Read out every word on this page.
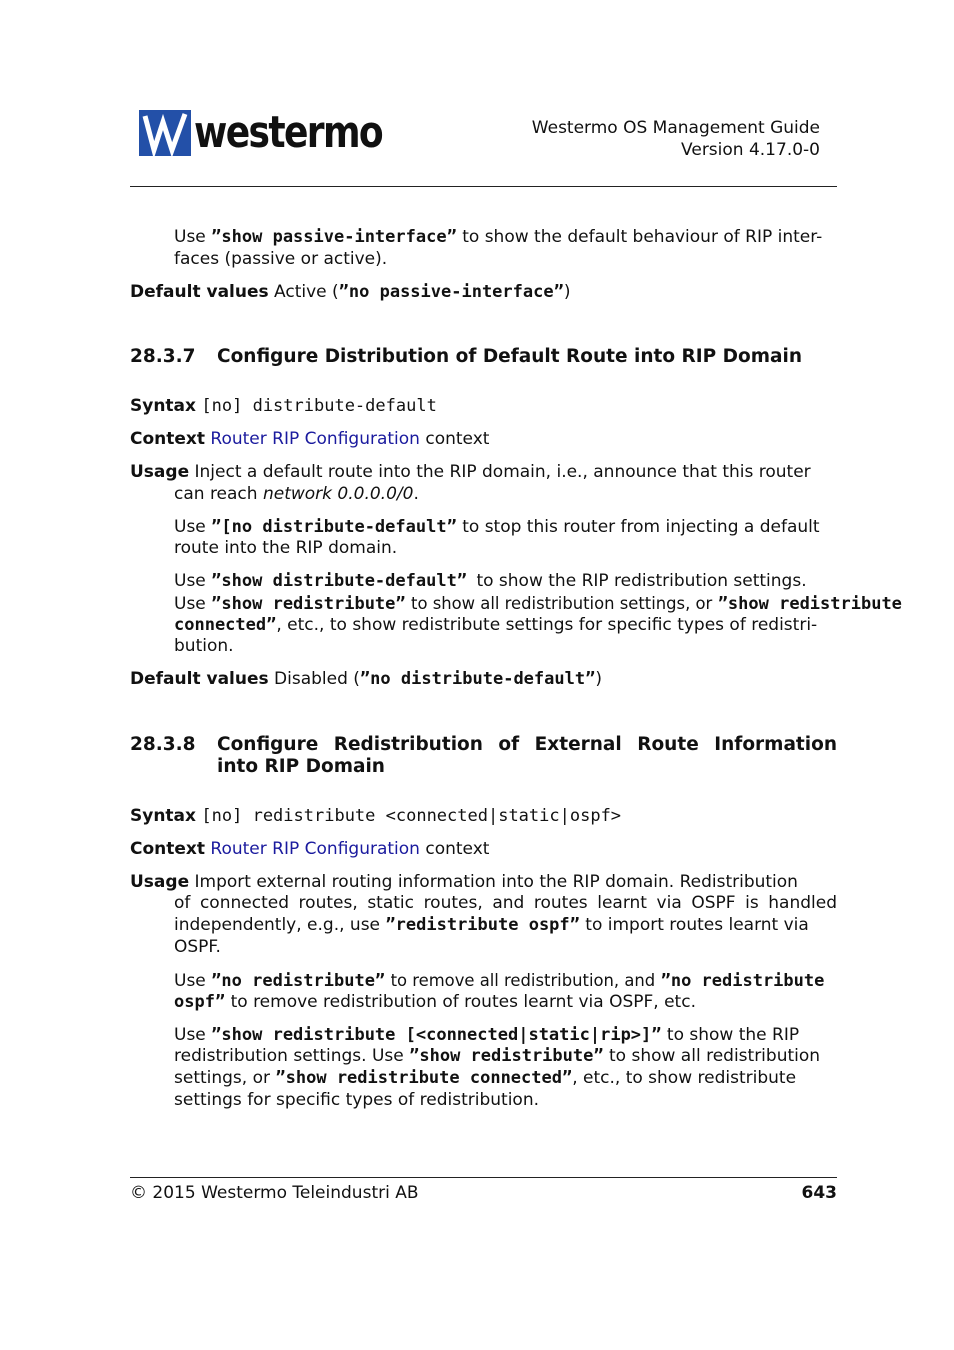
westermo	Westermo OS Management Guide
Version 4.17.0-0
Use ”show passive-interface” to show the default behaviour of RIP inter-
faces (passive or active).
Default values Active (”no passive-interface”)
28.3.7 Configure Distribution of Default Route into RIP Domain
Syntax [no] distribute-default
Context Router RIP Configuration context
Usage Inject a default route into the RIP domain, i.e., announce that this router
can reach network 0.0.0.0/0.
Use ”[no distribute-default” to stop this router from injecting a default
route into the RIP domain.
Use ”show distribute-default” to show the RIP redistribution settings.
Use ”show redistribute” to show all redistribution settings, or ”show redistribute
connected”, etc., to show redistribute settings for specific types of redistri-
bution.
Default values Disabled (”no distribute-default”)
28.3.8 Configure Redistribution of External Route Information
into RIP Domain
Syntax [no] redistribute <connected|static|ospf>
Context Router RIP Configuration context
Usage Import external routing information into the RIP domain. Redistribution
of connected routes, static routes, and routes learnt via OSPF is handled
independently, e.g., use ”redistribute ospf” to import routes learnt via
OSPF.
Use ”no redistribute” to remove all redistribution, and ”no redistribute
ospf” to remove redistribution of routes learnt via OSPF, etc.
Use ”show redistribute [<connected|static|rip>]” to show the RIP
redistribution settings. Use ”show redistribute” to show all redistribution
settings, or ”show redistribute connected”, etc., to show redistribute
settings for specific types of redistribution.
© 2015 Westermo Teleindustri AB	643
